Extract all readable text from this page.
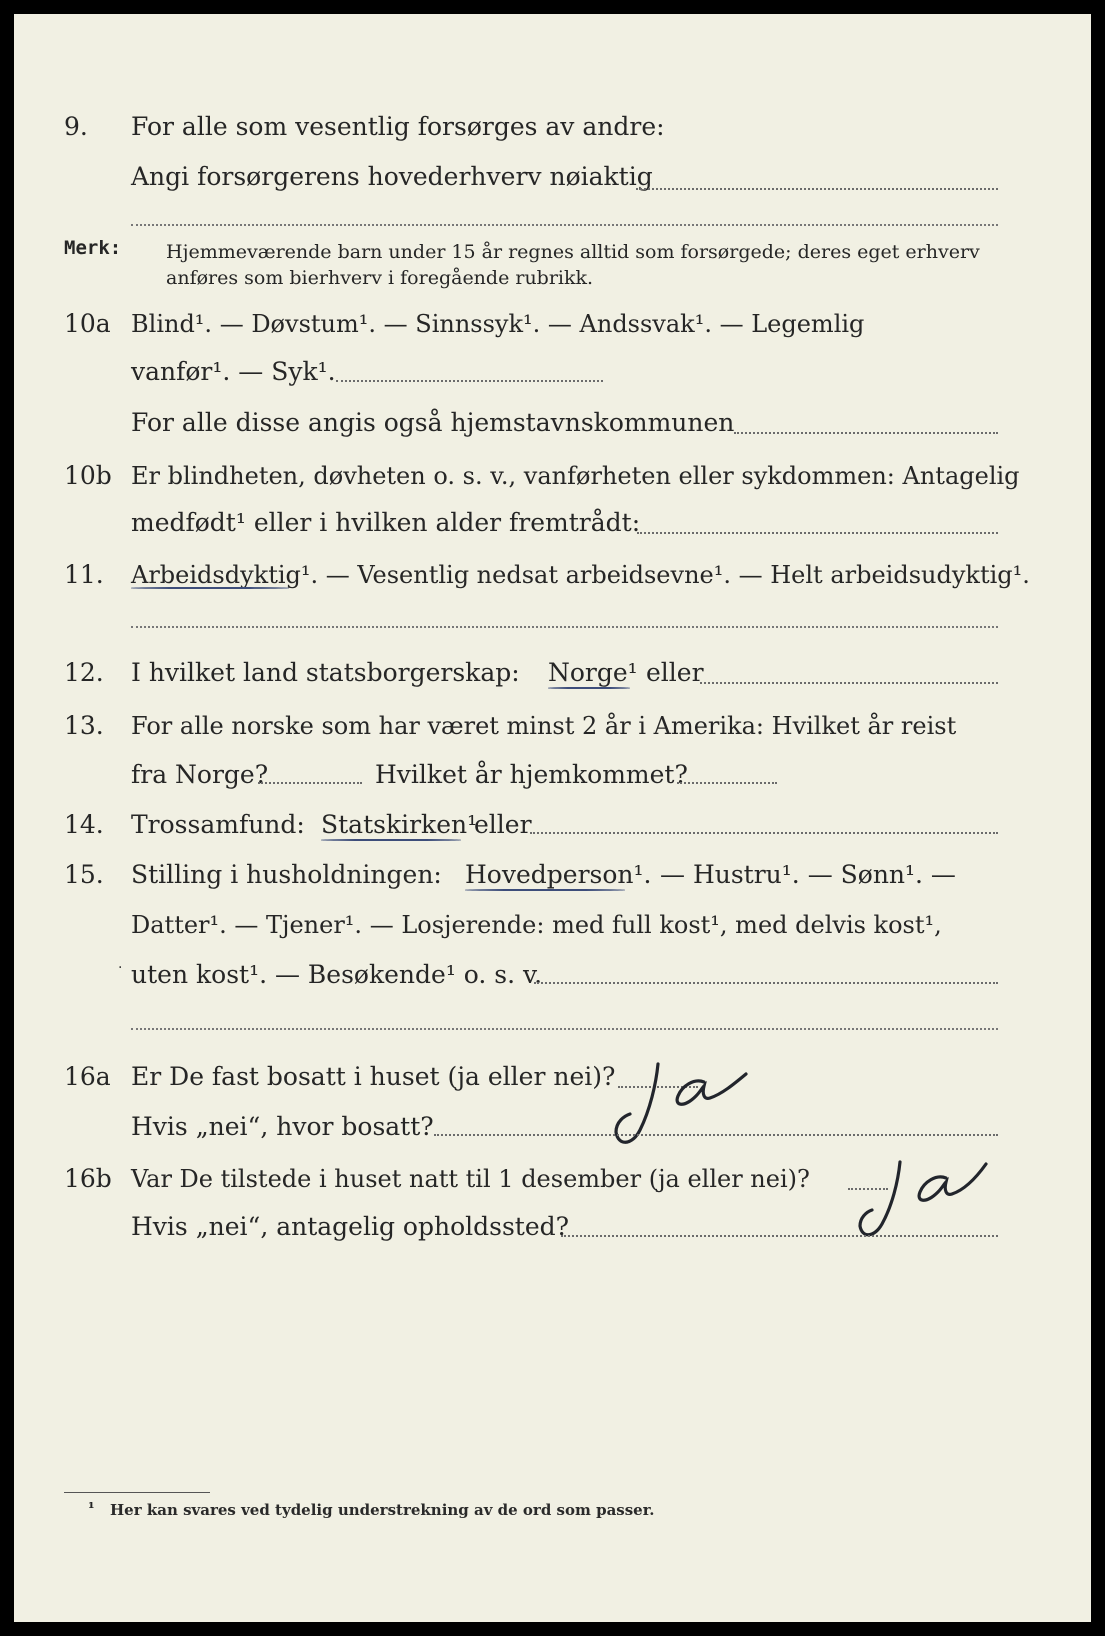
9. For alle som vesentlig forsørges av andre:
Angi forsørgerens hovederhverv nøiaktig
Merk: Hjemmeværende barn under 15 år regnes alltid som forsørgede; deres eget erhverv
anføres som bierhverv i foregående rubrikk.
10a Blind¹. — Døvstum¹. — Sinnssyk¹. — Andssvak¹. — Legemlig
vanfør¹. — Syk¹.
For alle disse angis også hjemstavnskommunen
10b Er blindheten, døvheten o. s. v., vanførheten eller sykdommen: Antagelig
medfødt¹ eller i hvilken alder fremtrådt:
11. Arbeidsdyktig¹. — Vesentlig nedsat arbeidsevne¹. — Helt arbeidsudyktig¹.
12. I hvilket land statsborgerskap: Norge¹ eller
13. For alle norske som har været minst 2 år i Amerika: Hvilket år reist
fra Norge?	Hvilket år hjemkommet?
14. Trossamfund: Statskirken¹
eller
15. Stilling i husholdningen: Hovedperson¹. — Hustru¹. — Sønn¹. —
Datter¹. — Tjener¹. — Losjerende: med full kost¹, med delvis kost¹,
· uten kost¹. — Besøkende¹ o. s. v.
16a Er De fast bosatt i huset (ja eller nei)?
Hvis „nei“, hvor bosatt?
16b Var De tilstede i huset natt til 1 desember (ja eller nei)?
Hvis „nei“, antagelig opholdssted?
¹ Her kan svares ved tydelig understrekning av de ord som passer.
